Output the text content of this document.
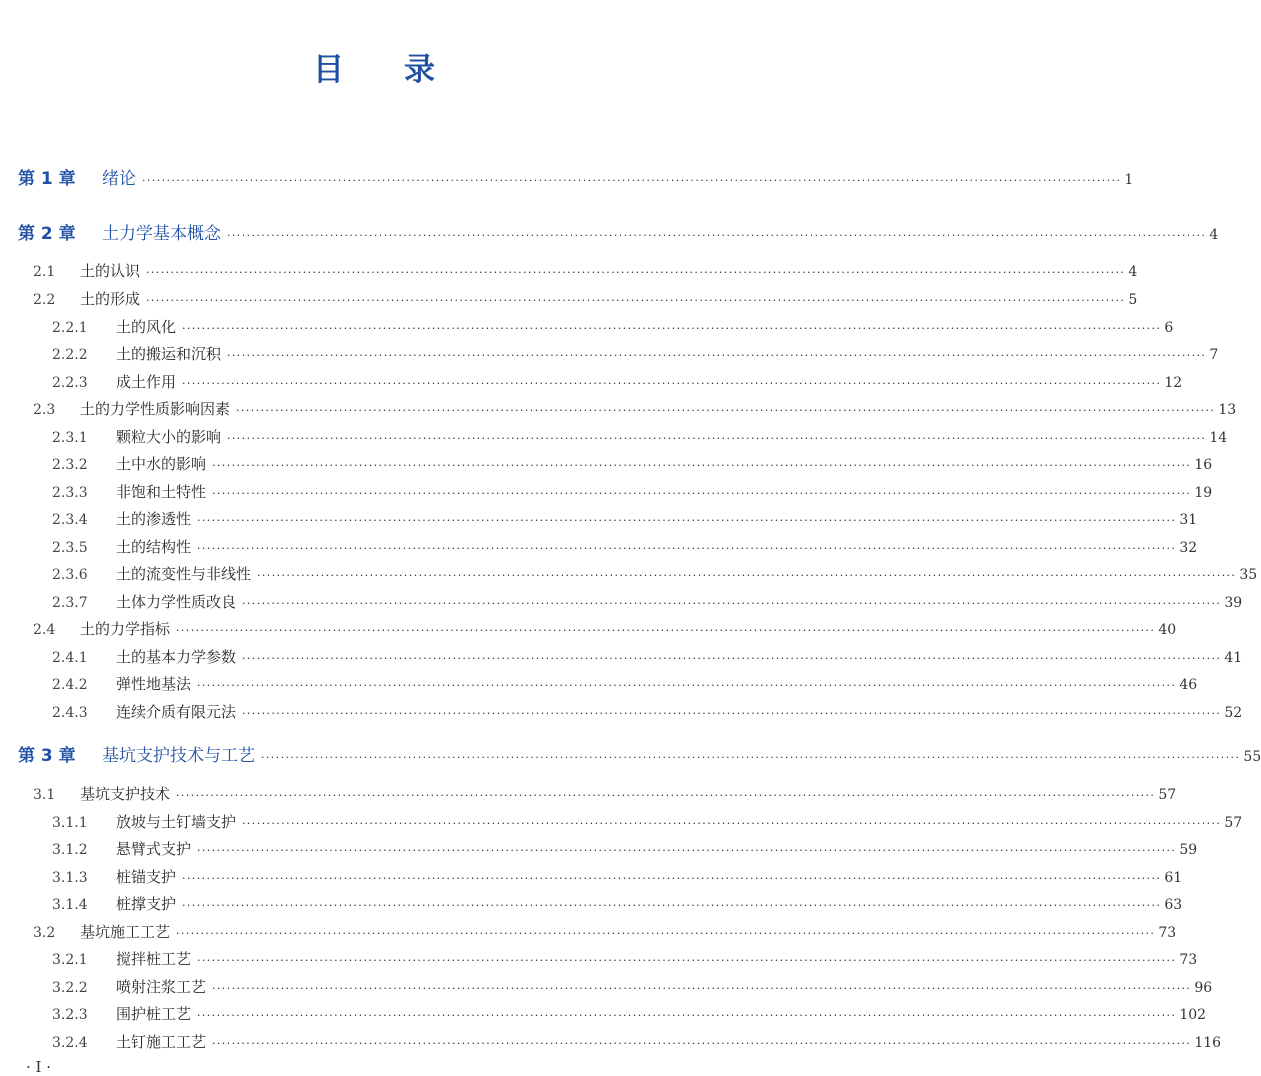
目 录
第 1 章	绪论 ········································································································································································································ 1
第 2 章	土力学基本概念 ········································································································································································································ 4
2.1	土的认识 ········································································································································································································ 4
2.2	土的形成 ········································································································································································································ 5
2.2.1	土的风化 ········································································································································································································ 6
2.2.2	土的搬运和沉积 ········································································································································································································ 7
2.2.3	成土作用 ········································································································································································································ 12
2.3	土的力学性质影响因素 ········································································································································································································ 13
2.3.1	颗粒大小的影响 ········································································································································································································ 14
2.3.2	土中水的影响 ········································································································································································································ 16
2.3.3	非饱和土特性 ········································································································································································································ 19
2.3.4	土的渗透性 ········································································································································································································ 31
2.3.5	土的结构性 ········································································································································································································ 32
2.3.6	土的流变性与非线性 ········································································································································································································ 35
2.3.7	土体力学性质改良 ········································································································································································································ 39
2.4	土的力学指标 ········································································································································································································ 40
2.4.1	土的基本力学参数 ········································································································································································································ 41
2.4.2	弹性地基法 ········································································································································································································ 46
2.4.3	连续介质有限元法 ········································································································································································································ 52
第 3 章	基坑支护技术与工艺 ········································································································································································································ 55
3.1	基坑支护技术 ········································································································································································································ 57
3.1.1	放坡与土钉墙支护 ········································································································································································································ 57
3.1.2	悬臂式支护 ········································································································································································································ 59
3.1.3	桩锚支护 ········································································································································································································ 61
3.1.4	桩撑支护 ········································································································································································································ 63
3.2	基坑施工工艺 ········································································································································································································ 73
3.2.1	搅拌桩工艺 ········································································································································································································ 73
3.2.2	喷射注浆工艺 ········································································································································································································ 96
3.2.3	围护桩工艺 ········································································································································································································ 102
3.2.4	土钉施工工艺 ········································································································································································································ 116
· I ·
